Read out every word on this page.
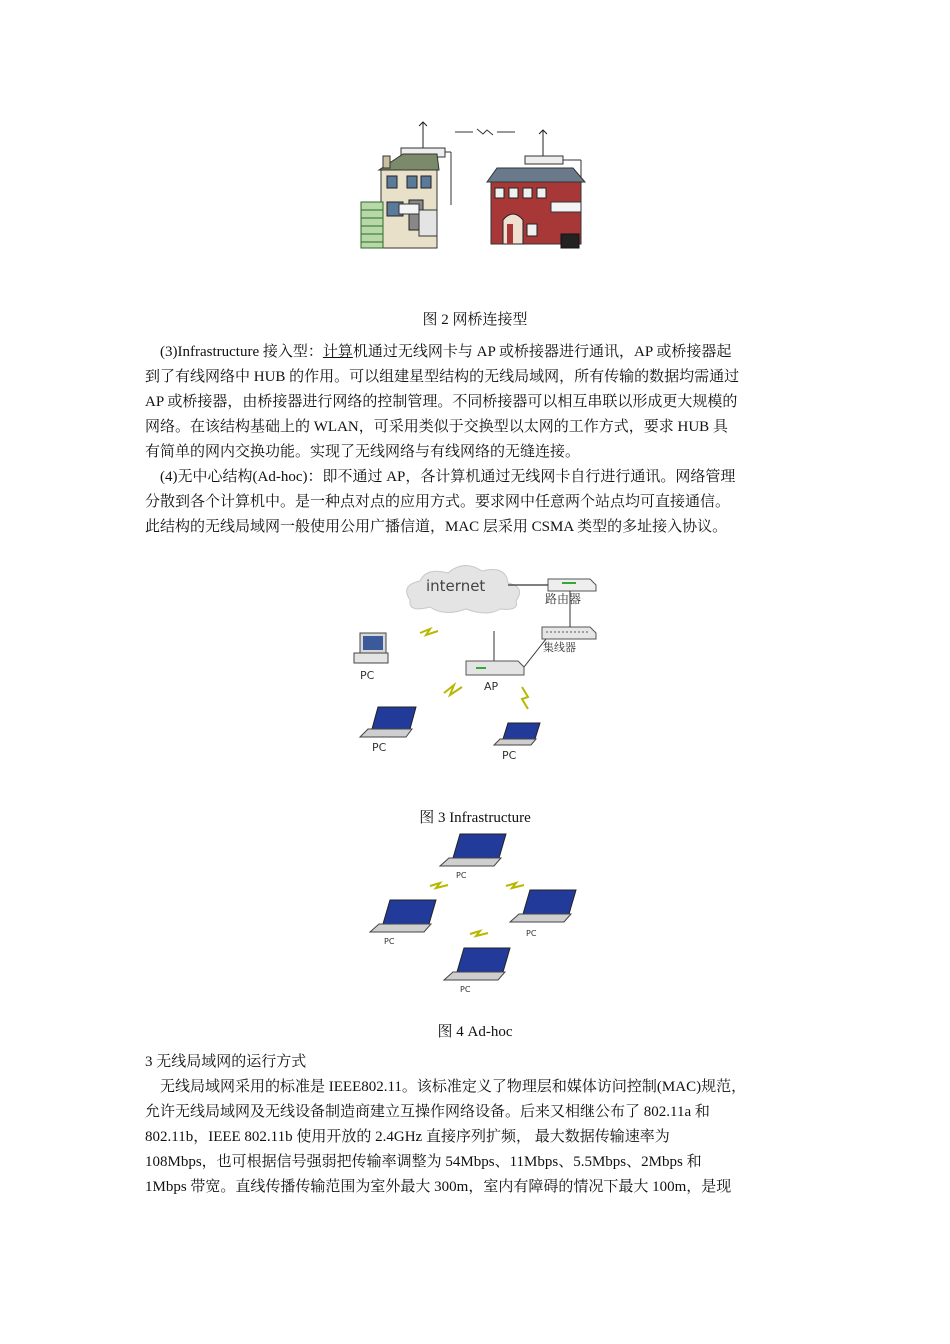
图 2 网桥连接型
(3)Infrastructure 接入型：计算机通过无线网卡与 AP 或桥接器进行通讯，AP 或桥接器起
到了有线网络中 HUB 的作用。可以组建星型结构的无线局域网，所有传输的数据均需通过
AP 或桥接器，由桥接器进行网络的控制管理。不同桥接器可以相互串联以形成更大规模的
网络。在该结构基础上的 WLAN，可采用类似于交换型以太网的工作方式，要求 HUB 具
有简单的网内交换功能。实现了无线网络与有线网络的无缝连接。
(4)无中心结构(Ad-hoc)：即不通过 AP，各计算机通过无线网卡自行进行通讯。网络管理
分散到各个计算机中。是一种点对点的应用方式。要求网中任意两个站点均可直接通信。
此结构的无线局域网一般使用公用广播信道，MAC 层采用 CSMA 类型的多址接入协议。
internet
路由器
集线器
AP
PC
PC
PC
图 3 Infrastructure
PC
PC
PC
PC
图 4 Ad-hoc
3 无线局域网的运行方式
无线局域网采用的标准是 IEEE802.11。该标准定义了物理层和媒体访问控制(MAC)规范，
允许无线局域网及无线设备制造商建立互操作网络设备。后来又相继公布了 802.11a 和
802.11b，IEEE 802.11b 使用开放的 2.4GHz 直接序列扩频， 最大数据传输速率为
108Mbps，也可根据信号强弱把传输率调整为 54Mbps、11Mbps、5.5Mbps、2Mbps 和
1Mbps 带宽。直线传播传输范围为室外最大 300m，室内有障碍的情况下最大 100m，是现
